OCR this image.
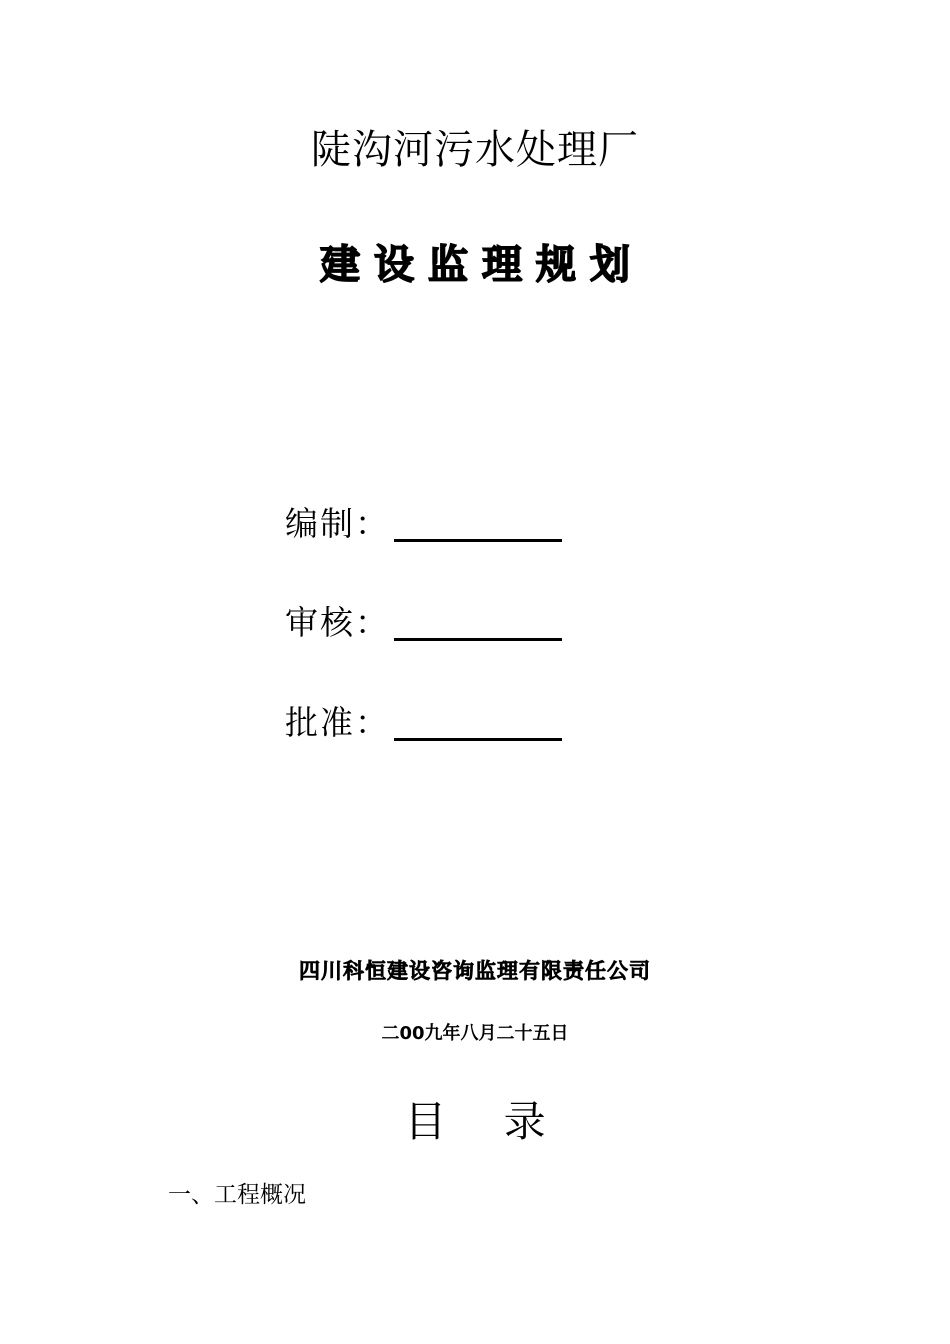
陡沟河污水处理厂
建设监理规划
编制：
审核：
批准：
四川科恒建设咨询监理有限责任公司
二00九年八月二十五日
目 录
一、工程概况
